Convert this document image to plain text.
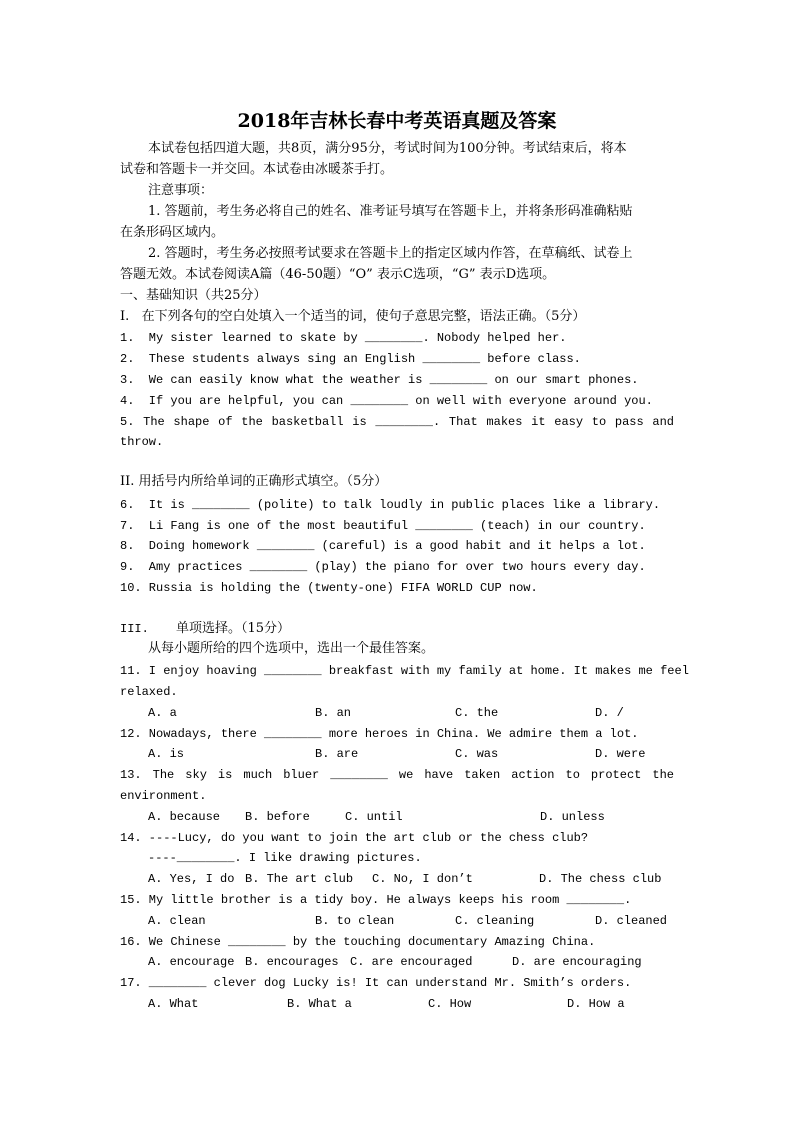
2018年吉林长春中考英语真题及答案
本试卷包括四道大题，共8页，满分95分，考试时间为100分钟。考试结束后，将本
试卷和答题卡一并交回。本试卷由冰暖茶手打。
注意事项：
1. 答题前，考生务必将自己的姓名、准考证号填写在答题卡上，并将条形码准确粘贴
在条形码区域内。
2. 答题时，考生务必按照考试要求在答题卡上的指定区域内作答，在草稿纸、试卷上
答题无效。本试卷阅读A篇（46-50题）“O” 表示C选项，“G” 表示D选项。
一、基础知识（共25分）
I.   在下列各句的空白处填入一个适当的词，使句子意思完整，语法正确。（5分）
1.  My sister learned to skate by ________. Nobody helped her.
2.  These students always sing an English ________ before class.
3.  We can easily know what the weather is ________ on our smart phones.
4.  If you are helpful, you can ________ on well with everyone around you.
5. The shape of the basketball is ________. That makes it easy to pass and
throw.
II. 用括号内所给单词的正确形式填空。（5分）
6.  It is ________ (polite) to talk loudly in public places like a library.
7.  Li Fang is one of the most beautiful ________ (teach) in our country.
8.  Doing homework ________ (careful) is a good habit and it helps a lot.
9.  Amy practices ________ (play) the piano for over two hours every day.
10. Russia is holding the (twenty-one) FIFA WORLD CUP now.
III. 单项选择。（15分）
从每小题所给的四个选项中，选出一个最佳答案。
11. I enjoy hoaving ________ breakfast with my family at home. It makes me feel
relaxed.
A. a	B. an	C. the	D. /
12. Nowadays, there ________ more heroes in China. We admire them a lot.
A. is	B. are	C. was	D. were
13. The sky is much bluer ________ we have taken action to protect the
environment.
A. because B. before	C. until	D. unless
14. ----Lucy, do you want to join the art club or the chess club?
----________. I like drawing pictures.
A. Yes, I do B. The art club C. No, I don’t	D. The chess club
15. My little brother is a tidy boy. He always keeps his room ________.
A. clean	B. to clean	C. cleaning	D. cleaned
16. We Chinese ________ by the touching documentary Amazing China.
A. encourage B. encourages C. are encouraged	D. are encouraging
17. ________ clever dog Lucky is! It can understand Mr. Smith’s orders.
A. What	B. What a	C. How	D. How a
